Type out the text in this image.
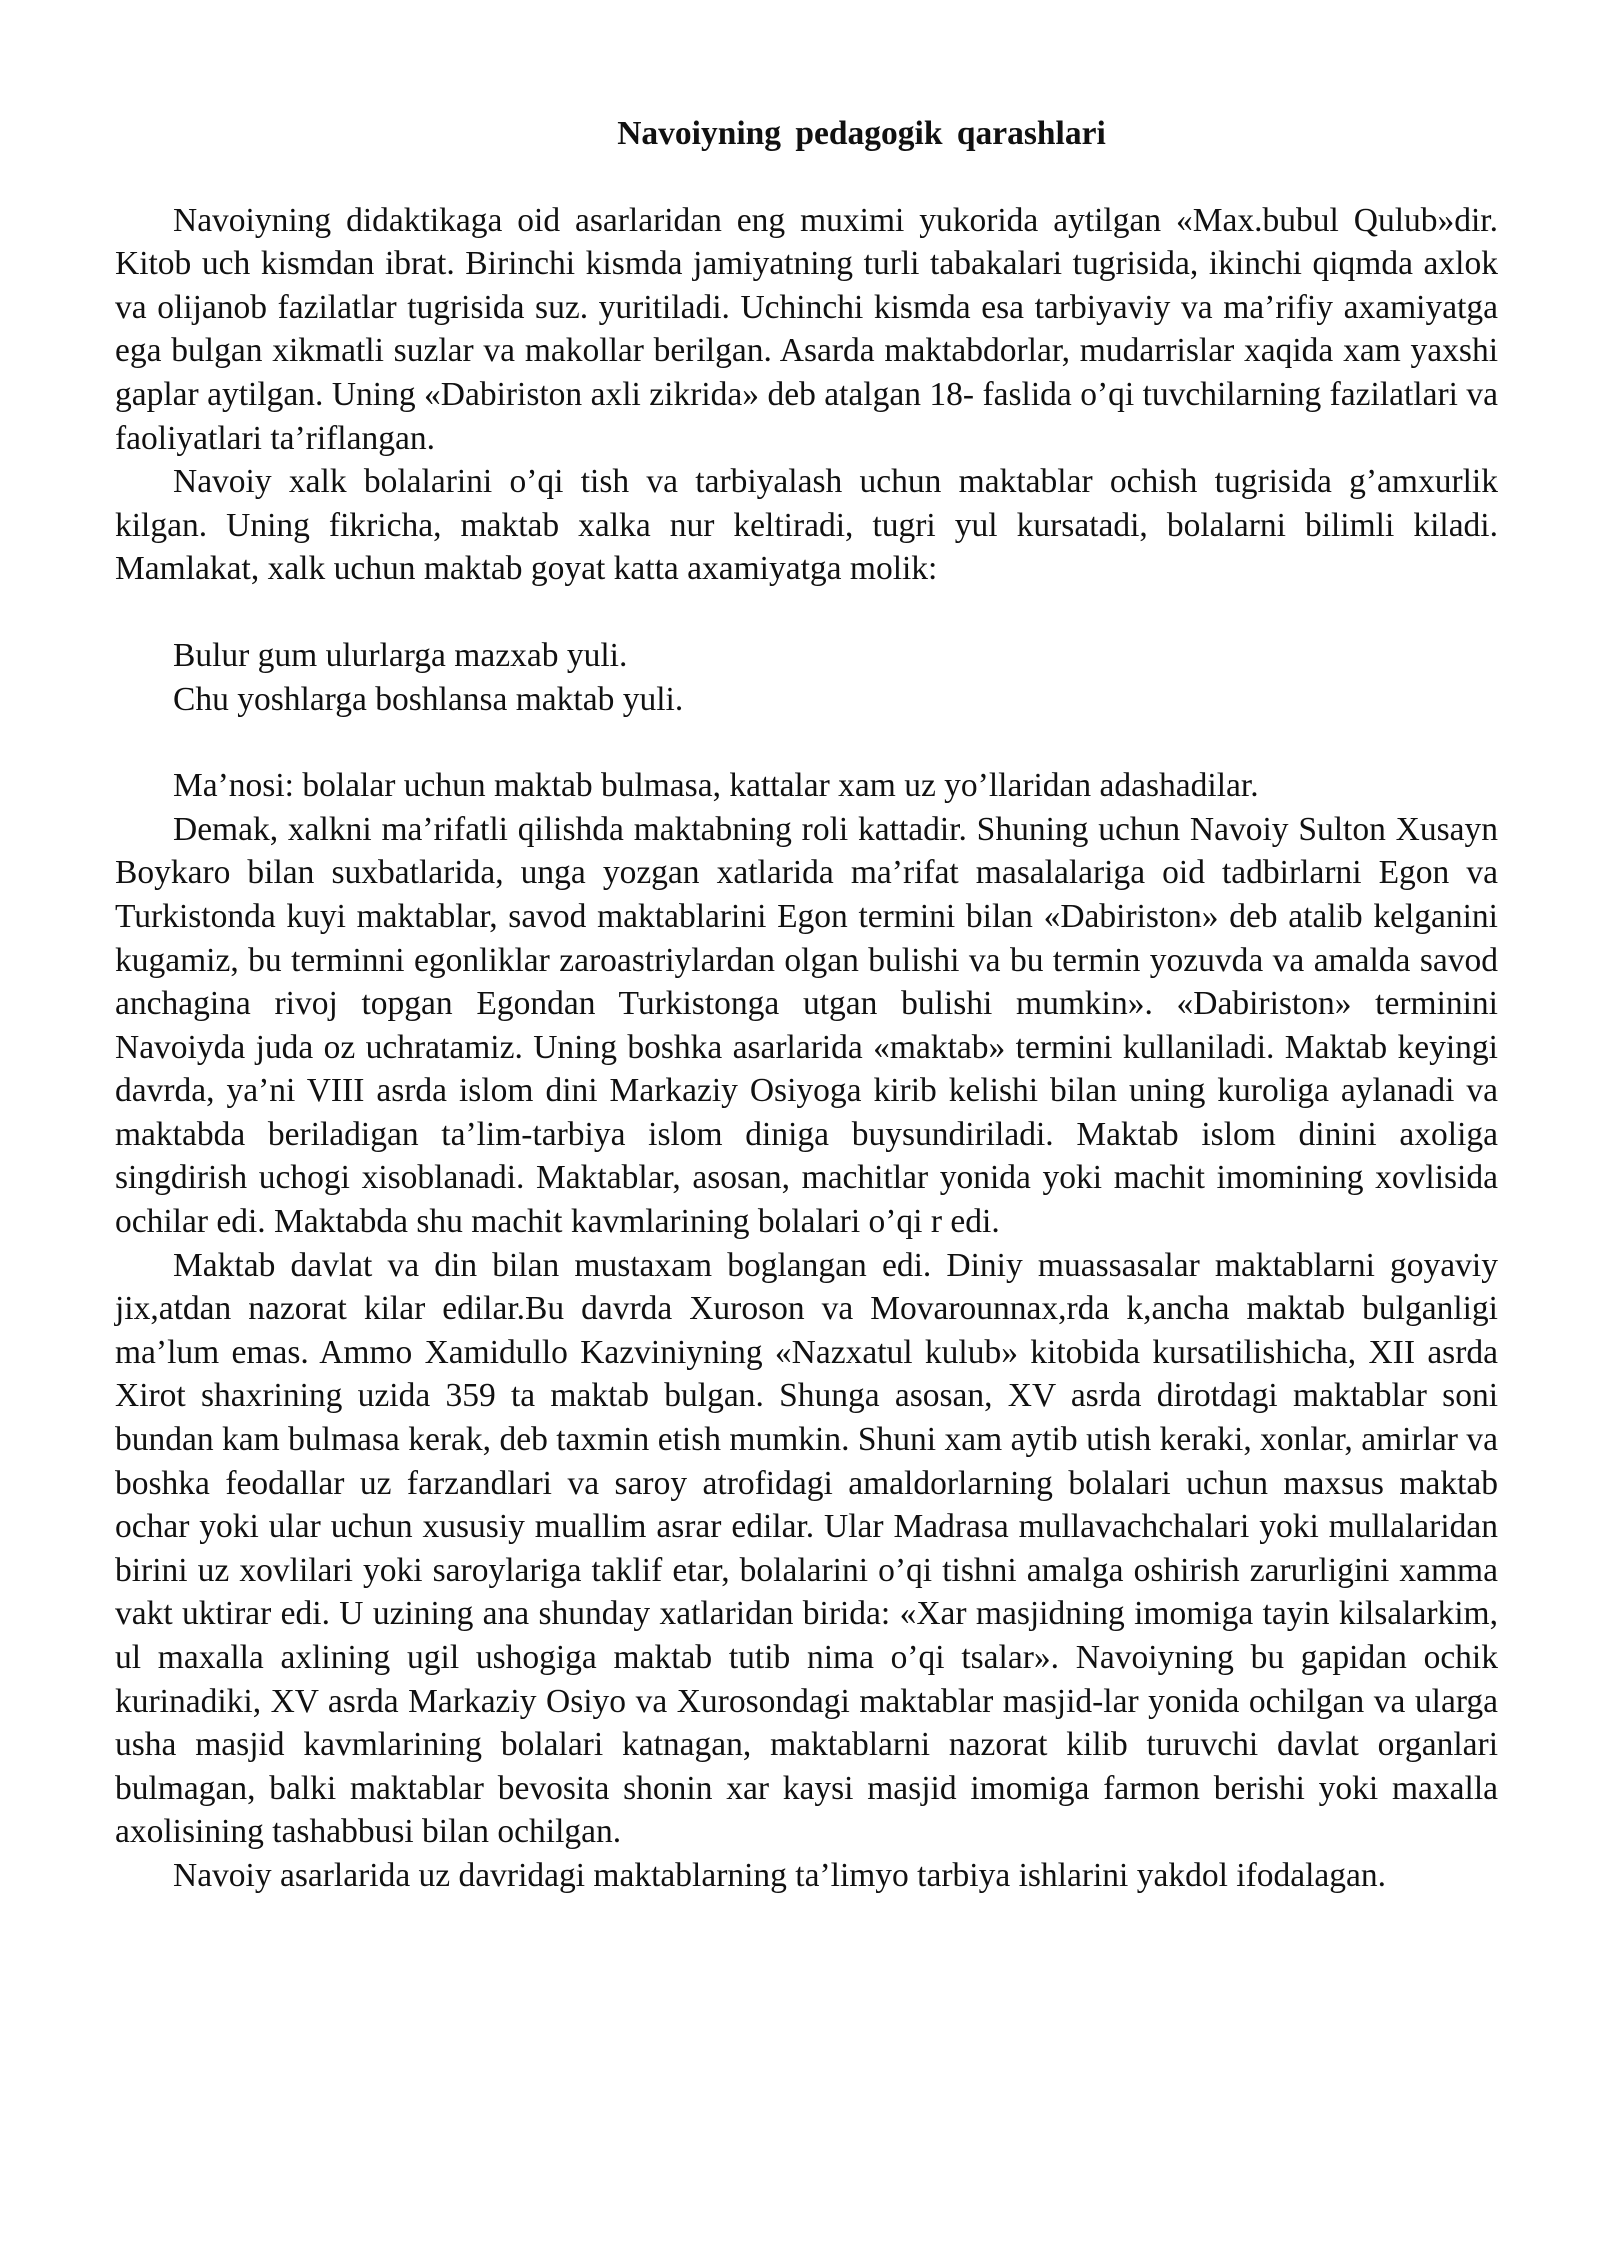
Navoiyning pedagogik qarashlari

Navoiyning didaktikaga oid asarlaridan eng muximi yukorida aytilgan «Max.bubul Qulub»dir. Kitob uch kismdan ibrat. Birinchi kismda jamiyatning turli tabakalari tugrisida, ikinchi qiqmda axlok va olijanob fazilatlar tugrisida suz. yuritiladi. Uchinchi kismda esa tarbiyaviy va ma’rifiy axamiyatga ega bulgan xikmatli suzlar va makollar berilgan. Asarda maktabdorlar, mudarrislar xaqida xam yaxshi gaplar aytilgan. Uning «Dabiriston axli zikrida» deb atalgan 18- faslida o’qi tuvchilarning fazilatlari va faoliyatlari ta’riflangan.

Navoiy xalk bolalarini o’qi tish va tarbiyalash uchun maktablar ochish tugrisida g’amxurlik kilgan. Uning fikricha, maktab xalka nur keltiradi, tugri yul kursatadi, bolalarni bilimli kiladi. Mamlakat, xalk uchun maktab goyat katta axamiyatga molik:

Bulur gum ulurlarga mazxab yuli.

Chu yoshlarga boshlansa maktab yuli.

Ma’nosi: bolalar uchun maktab bulmasa, kattalar xam uz yo’llaridan adashadilar.

Demak, xalkni ma’rifatli qilishda maktabning roli kattadir. Shuning uchun Navoiy Sulton Xusayn Boykaro bilan suxbatlarida, unga yozgan xatlarida ma’rifat masalalariga oid tadbirlarni Egon va Turkistonda kuyi maktablar, savod maktablarini Egon termini bilan «Dabiriston» deb atalib kelganini kugamiz, bu terminni egonliklar zaroastriylardan olgan bulishi va bu termin yozuvda va amalda savod anchagina rivoj topgan Egondan Turkistonga utgan bulishi mumkin». «Dabiriston» terminini Navoiyda juda oz uchratamiz. Uning boshka asarlarida «maktab» termini kullaniladi. Maktab keyingi davrda, ya’ni VIII asrda islom dini Markaziy Osiyoga kirib kelishi bilan uning kuroliga aylanadi va maktabda beriladigan ta’lim-tarbiya islom diniga buysundiriladi. Maktab islom dinini axoliga singdirish uchogi xisoblanadi. Maktablar, asosan, machitlar yonida yoki machit imomining xovlisida ochilar edi. Maktabda shu machit kavmlarining bolalari o’qi r edi.

Maktab davlat va din bilan mustaxam boglangan edi. Diniy muassasalar maktablarni goyaviy jix,atdan nazorat kilar edilar.Bu davrda Xuroson va Movarounnax,rda k,ancha maktab bulganligi ma’lum emas. Ammo Xamidullo Kazviniyning «Nazxatul kulub» kitobida kursatilishicha, XII asrda Xirot shaxrining uzida 359 ta maktab bulgan. Shunga asosan, XV asrda dirotdagi maktablar soni bundan kam bulmasa kerak, deb taxmin etish mumkin. Shuni xam aytib utish keraki, xonlar, amirlar va boshka feodallar uz farzandlari va saroy atrofidagi amaldorlarning bolalari uchun maxsus maktab ochar yoki ular uchun xususiy muallim asrar edilar. Ular Madrasa mullavachchalari yoki mullalaridan birini uz xovlilari yoki saroylariga taklif etar, bolalarini o’qi tishni amalga oshirish zarurligini xamma vakt uktirar edi. U uzining ana shunday xatlaridan birida: «Xar masjidning imomiga tayin kilsalarkim, ul maxalla axlining ugil ushogiga maktab tutib nima o’qi tsalar». Navoiyning bu gapidan ochik kurinadiki, XV asrda Markaziy Osiyo va Xurosondagi maktablar masjid-lar yonida ochilgan va ularga usha masjid kavmlarining bolalari katnagan, maktablarni nazorat kilib turuvchi davlat organlari bulmagan, balki maktablar bevosita shonin xar kaysi masjid imomiga farmon berishi yoki maxalla axolisining tashabbusi bilan ochilgan.

Navoiy asarlarida uz davridagi maktablarning ta’limyo tarbiya ishlarini yakdol ifodalagan.
